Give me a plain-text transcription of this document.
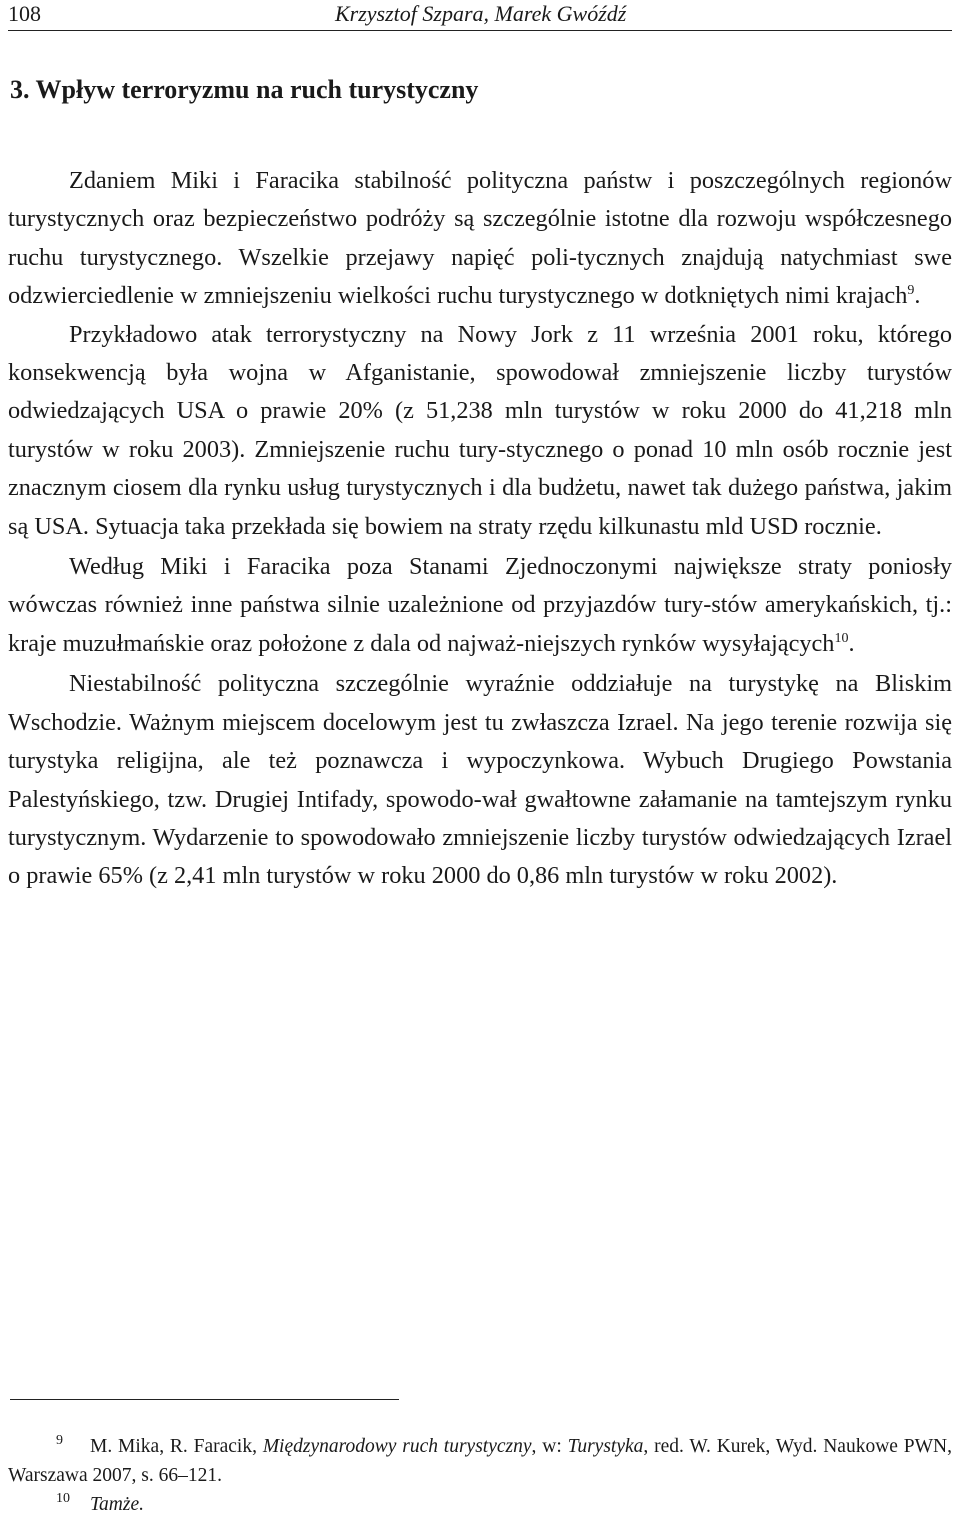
108	Krzysztof Szpara, Marek Gwóźdź
3. Wpływ terroryzmu na ruch turystyczny

Zdaniem Miki i Faracika stabilność polityczna państw i poszczególnych regionów turystycznych oraz bezpieczeństwo podróży są szczególnie istotne dla rozwoju współczesnego ruchu turystycznego. Wszelkie przejawy napięć poli-tycznych znajdują natychmiast swe odzwierciedlenie w zmniejszeniu wielkości ruchu turystycznego w dotkniętych nimi krajach$^9$.

Przykładowo atak terrorystyczny na Nowy Jork z 11 września 2001 roku, którego konsekwencją była wojna w Afganistanie, spowodował zmniejszenie liczby turystów odwiedzających USA o prawie 20% (z 51,238 mln turystów w roku 2000 do 41,218 mln turystów w roku 2003). Zmniejszenie ruchu tury-stycznego o ponad 10 mln osób rocznie jest znacznym ciosem dla rynku usług turystycznych i dla budżetu, nawet tak dużego państwa, jakim są USA. Sytuacja taka przekłada się bowiem na straty rzędu kilkunastu mld USD rocznie.

Według Miki i Faracika poza Stanami Zjednoczonymi największe straty poniosły wówczas również inne państwa silnie uzależnione od przyjazdów tury-stów amerykańskich, tj.: kraje muzułmańskie oraz położone z dala od najważ-niejszych rynków wysyłających$^{10}$.

Niestabilność polityczna szczególnie wyraźnie oddziałuje na turystykę na Bliskim Wschodzie. Ważnym miejscem docelowym jest tu zwłaszcza Izrael. Na jego terenie rozwija się turystyka religijna, ale też poznawcza i wypoczynkowa. Wybuch Drugiego Powstania Palestyńskiego, tzw. Drugiej Intifady, spowodo-wał gwałtowne załamanie na tamtejszym rynku turystycznym. Wydarzenie to spowodowało zmniejszenie liczby turystów odwiedzających Izrael o prawie 65% (z 2,41 mln turystów w roku 2000 do 0,86 mln turystów w roku 2002).

$^9$ M. Mika, R. Faracik, Międzynarodowy ruch turystyczny, w: Turystyka, red. W. Kurek, Wyd. Naukowe PWN, Warszawa 2007, s. 66–121.

$^{10}$ Tamże.
